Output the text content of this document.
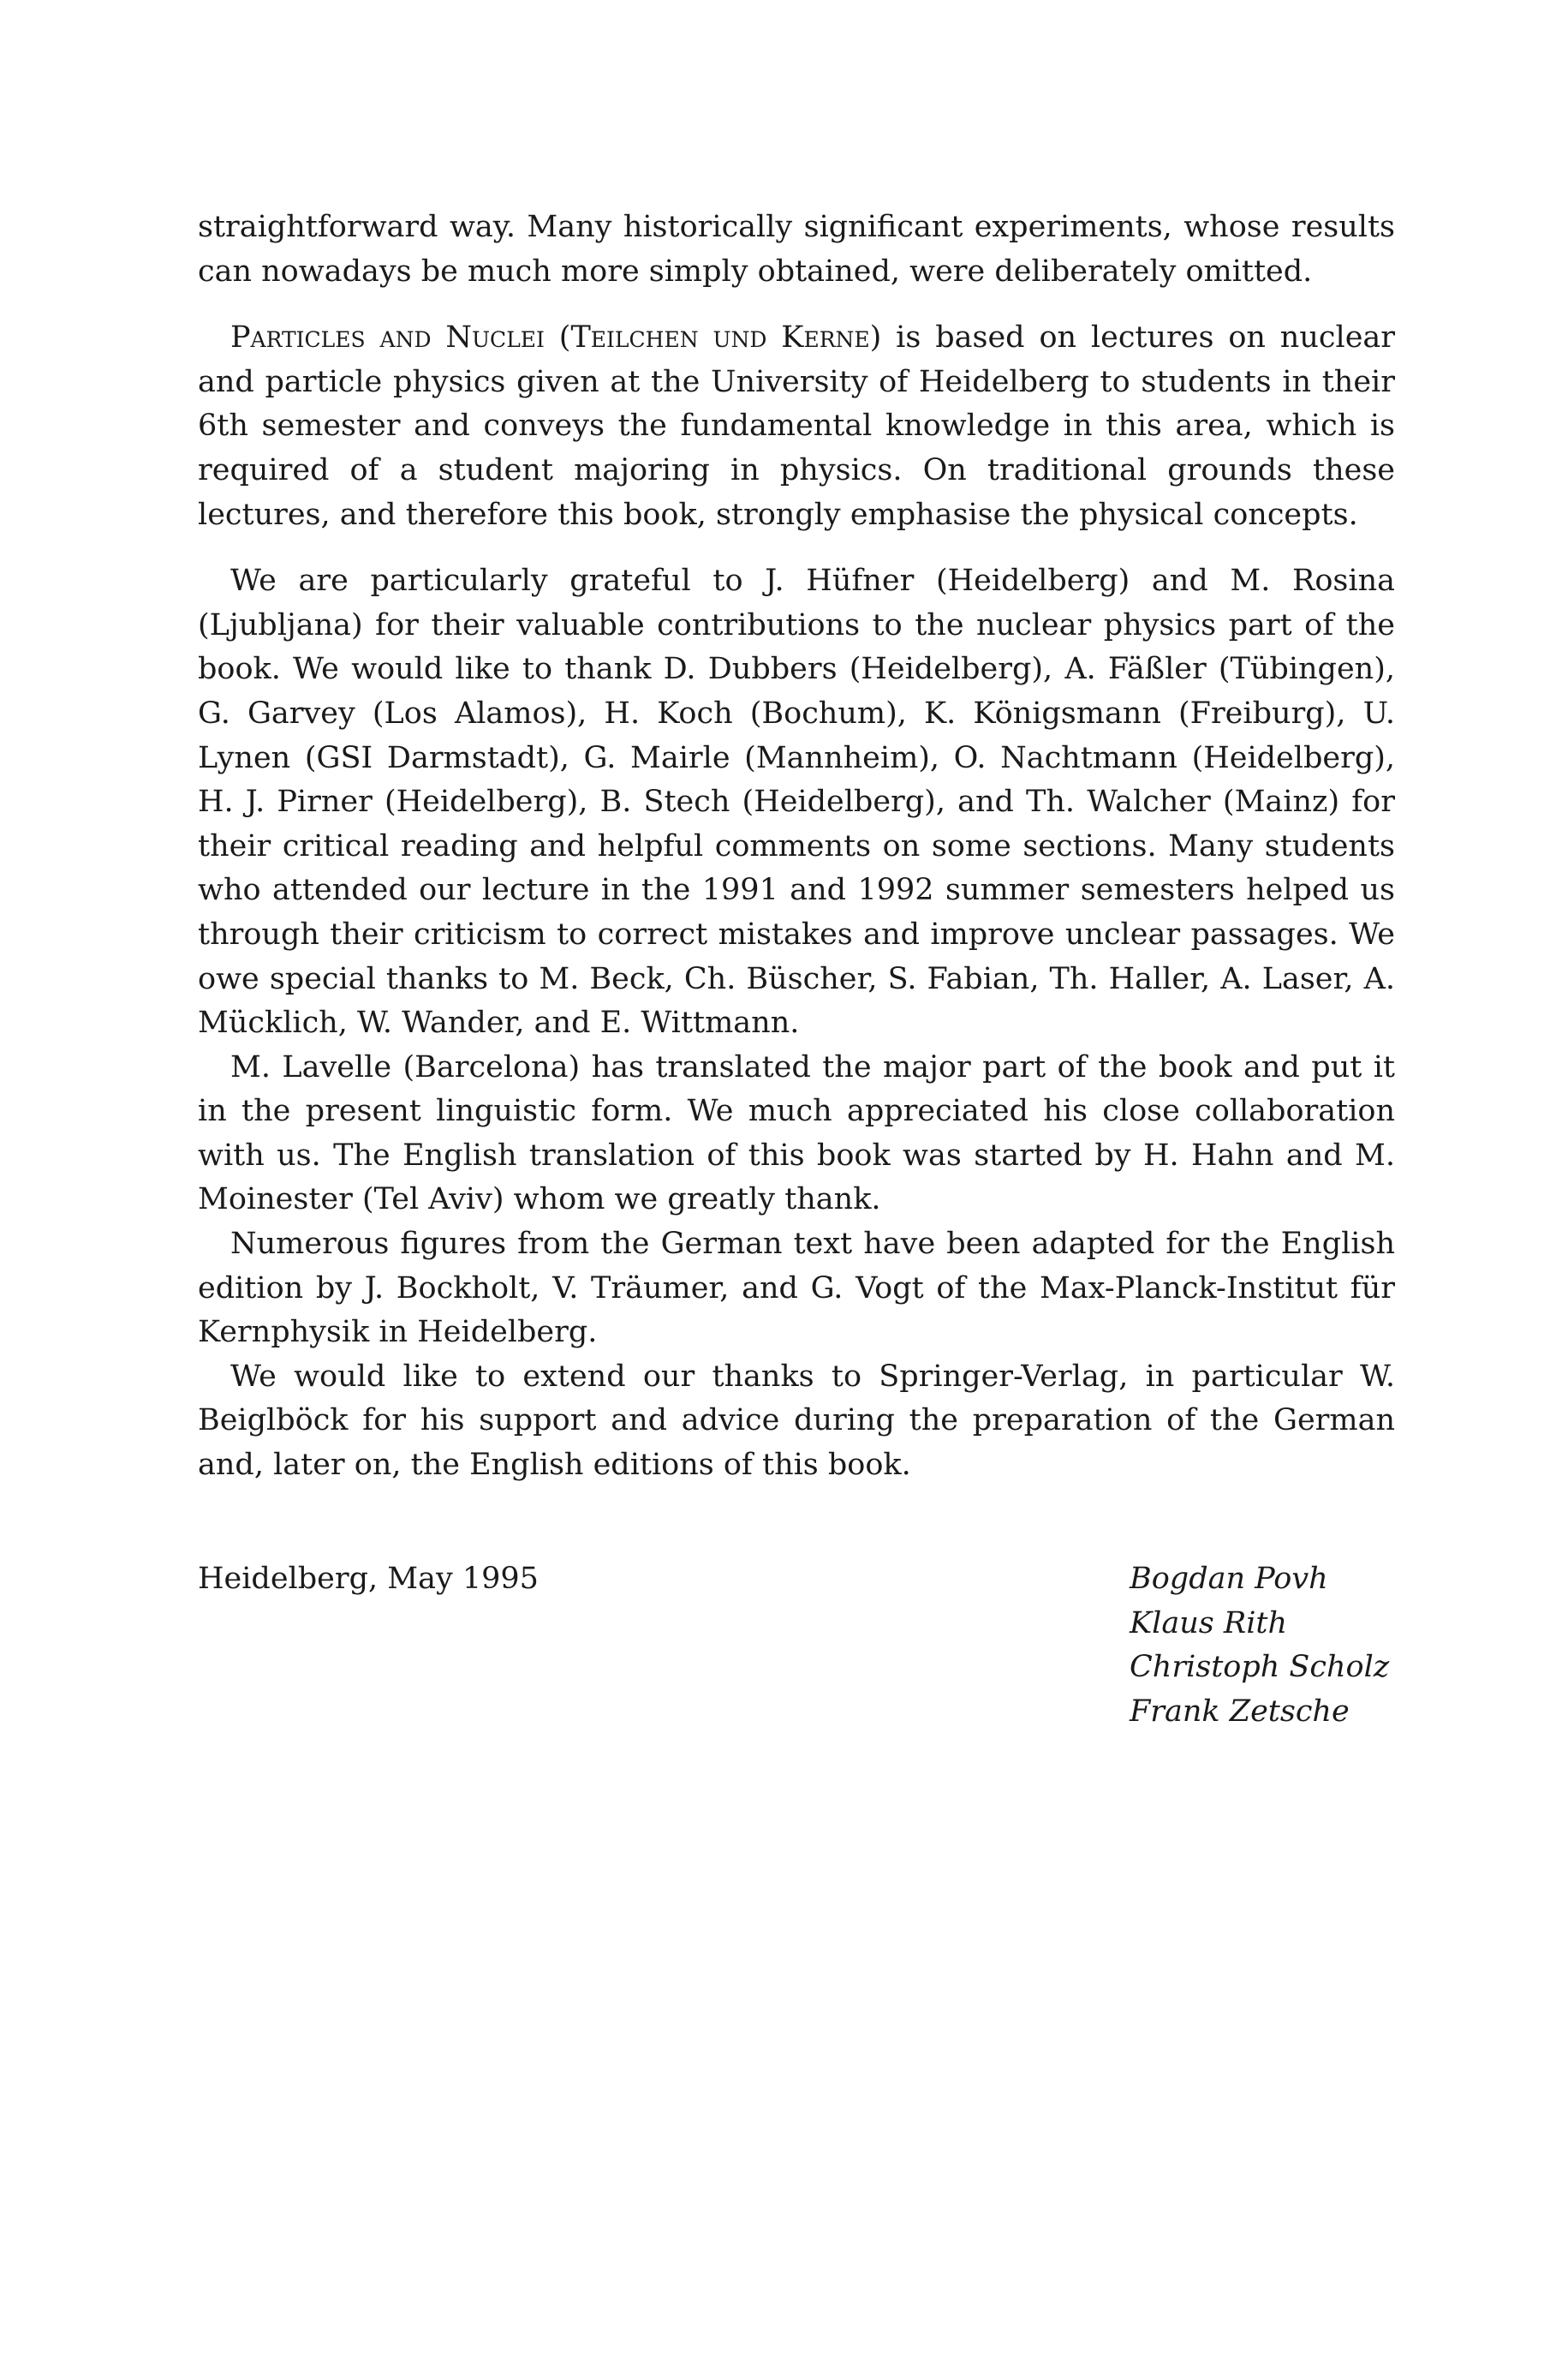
straightforward way. Many historically significant experiments, whose results can nowadays be much more simply obtained, were deliberately omitted.

Particles and Nuclei (Teilchen und Kerne) is based on lectures on nuclear and particle physics given at the University of Heidelberg to students in their 6th semester and conveys the fundamental knowledge in this area, which is required of a student majoring in physics. On traditional grounds these lectures, and therefore this book, strongly emphasise the physical concepts.

We are particularly grateful to J. Hüfner (Heidelberg) and M. Rosina (Ljubljana) for their valuable contributions to the nuclear physics part of the book. We would like to thank D. Dubbers (Heidelberg), A. Fäßler (Tübingen), G. Garvey (Los Alamos), H. Koch (Bochum), K. Königsmann (Freiburg), U. Lynen (GSI Darmstadt), G. Mairle (Mannheim), O. Nachtmann (Heidelberg), H. J. Pirner (Heidelberg), B. Stech (Heidelberg), and Th. Walcher (Mainz) for their critical reading and helpful comments on some sections. Many students who attended our lecture in the 1991 and 1992 summer semesters helped us through their criticism to correct mistakes and improve unclear passages. We owe special thanks to M. Beck, Ch. Büscher, S. Fabian, Th. Haller, A. Laser, A. Mücklich, W. Wander, and E. Wittmann.

M. Lavelle (Barcelona) has translated the major part of the book and put it in the present linguistic form. We much appreciated his close collaboration with us. The English translation of this book was started by H. Hahn and M. Moinester (Tel Aviv) whom we greatly thank.

Numerous figures from the German text have been adapted for the English edition by J. Bockholt, V. Träumer, and G. Vogt of the Max-Planck-Institut für Kernphysik in Heidelberg.

We would like to extend our thanks to Springer-Verlag, in particular W. Beiglböck for his support and advice during the preparation of the German and, later on, the English editions of this book.

Heidelberg, May 1995	Bogdan Povh
Klaus Rith
Christoph Scholz
Frank Zetsche
